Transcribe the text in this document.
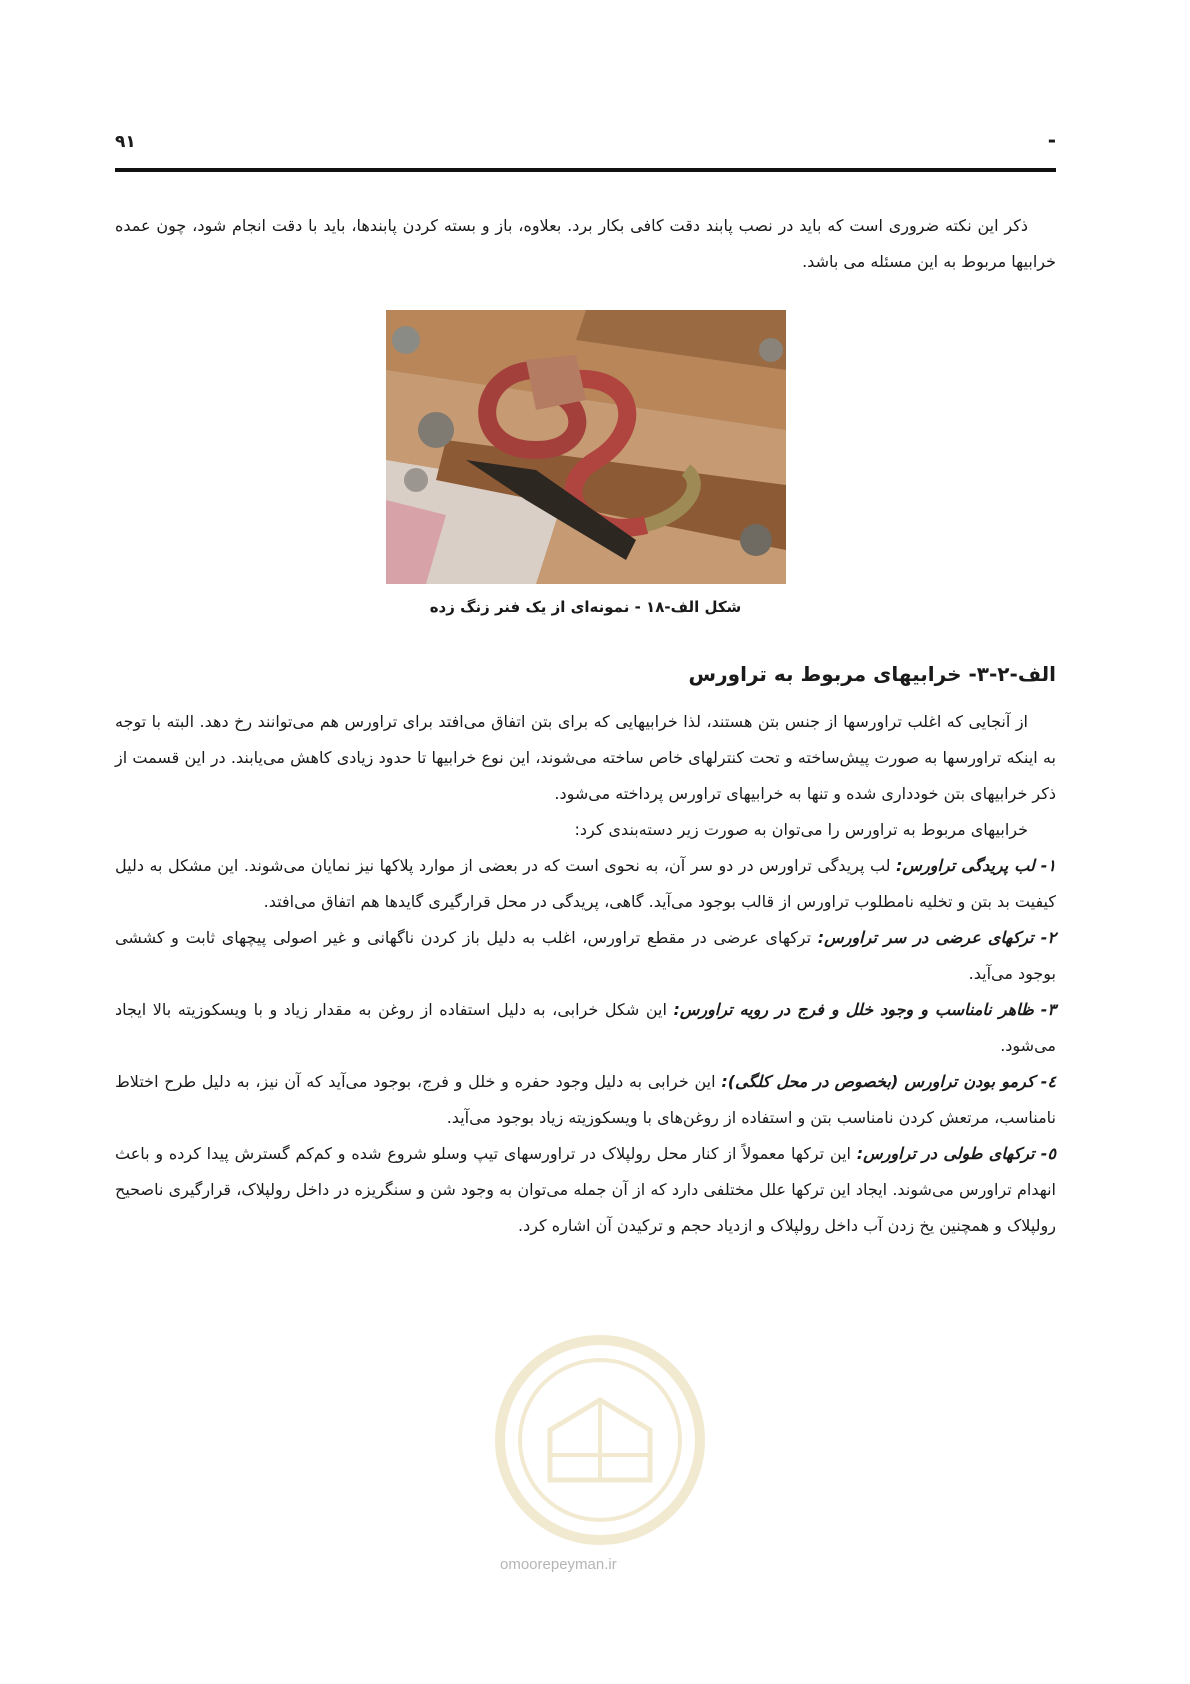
۹۱	-

ذکر این نکته ضروری است که باید در نصب پابند دقت کافی بکار برد. بعلاوه، باز و بسته کردن پابندها، باید با دقت انجام شود، چون عمده خرابیها مربوط به این مسئله می باشد.

شکل الف-۱۸ - نمونه‌ای از یک فنر زنگ زده

الف-۲-۳- خرابیهای مربوط به تراورس

از آنجایی که اغلب تراورسها از جنس بتن هستند، لذا خرابیهایی که برای بتن اتفاق می‌افتد برای تراورس هم می‌توانند رخ دهد. البته با توجه به اینکه تراورسها به صورت پیش‌ساخته و تحت کنترلهای خاص ساخته می‌شوند، این نوع خرابیها تا حدود زیادی کاهش می‌یابند. در این قسمت از ذکر خرابیهای بتن خودداری شده و تنها به خرابیهای تراورس پرداخته می‌شود.

خرابیهای مربوط به تراورس را می‌توان به صورت زیر دسته‌بندی کرد:

۱- لب پریدگی تراورس: لب پریدگی تراورس در دو سر آن، به نحوی است که در بعضی از موارد پلاکها نیز نمایان می‌شوند. این مشکل به دلیل کیفیت بد بتن و تخلیه نامطلوب تراورس از قالب بوجود می‌آید. گاهی، پریدگی در محل قرارگیری گایدها هم اتفاق می‌افتد.

۲- ترکهای عرضی در سر تراورس: ترکهای عرضی در مقطع تراورس، اغلب به دلیل باز کردن ناگهانی و غیر اصولی پیچهای ثابت و کششی بوجود می‌آید.

۳- ظاهر نامناسب و وجود خلل و فرج در رویه تراورس: این شکل خرابی، به دلیل استفاده از روغن به مقدار زیاد و با ویسکوزیته بالا ایجاد می‌شود.

٤- کرمو بودن تراورس (بخصوص در محل کلگی): این خرابی به دلیل وجود حفره و خلل و فرج، بوجود می‌آید که آن نیز، به دلیل طرح اختلاط نامناسب، مرتعش کردن نامناسب بتن و استفاده از روغن‌های با ویسکوزیته زیاد بوجود می‌آید.

٥- ترکهای طولی در تراورس: این ترکها معمولاً از کنار محل رولپلاک در تراورسهای تیپ وسلو شروع شده و کم‌کم گسترش پیدا کرده و باعث انهدام تراورس می‌شوند. ایجاد این ترکها علل مختلفی دارد که از آن جمله می‌توان به وجود شن و سنگریزه در داخل رولپلاک، قرارگیری ناصحیح رولپلاک و همچنین یخ زدن آب داخل رولپلاک و ازدیاد حجم و ترکیدن آن اشاره کرد.

omoorepeyman.ir
